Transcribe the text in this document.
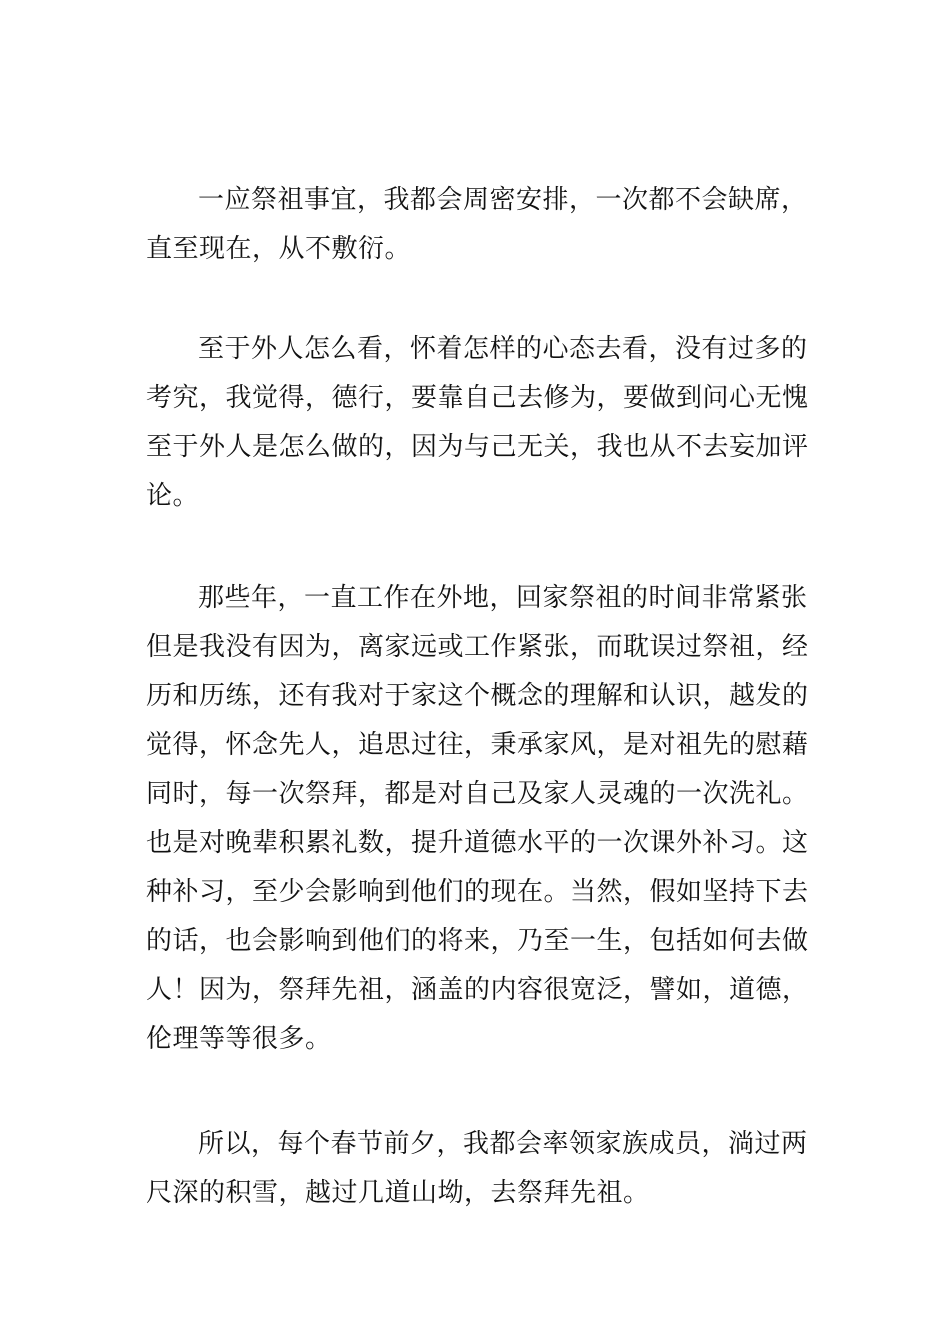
一应祭祖事宜，我都会周密安排，一次都不会缺席，
直至现在，从不敷衍。
至于外人怎么看，怀着怎样的心态去看，没有过多的
考究，我觉得，德行，要靠自己去修为，要做到问心无愧
至于外人是怎么做的，因为与己无关，我也从不去妄加评
论。
那些年，一直工作在外地，回家祭祖的时间非常紧张
但是我没有因为，离家远或工作紧张，而耽误过祭祖，经
历和历练，还有我对于家这个概念的理解和认识，越发的
觉得，怀念先人，追思过往，秉承家风，是对祖先的慰藉
同时，每一次祭拜，都是对自己及家人灵魂的一次洗礼。
也是对晚辈积累礼数，提升道德水平的一次课外补习。这
种补习，至少会影响到他们的现在。当然，假如坚持下去
的话，也会影响到他们的将来，乃至一生，包括如何去做
人！因为，祭拜先祖，涵盖的内容很宽泛，譬如，道德，
伦理等等很多。
所以，每个春节前夕，我都会率领家族成员，淌过两
尺深的积雪，越过几道山坳，去祭拜先祖。
